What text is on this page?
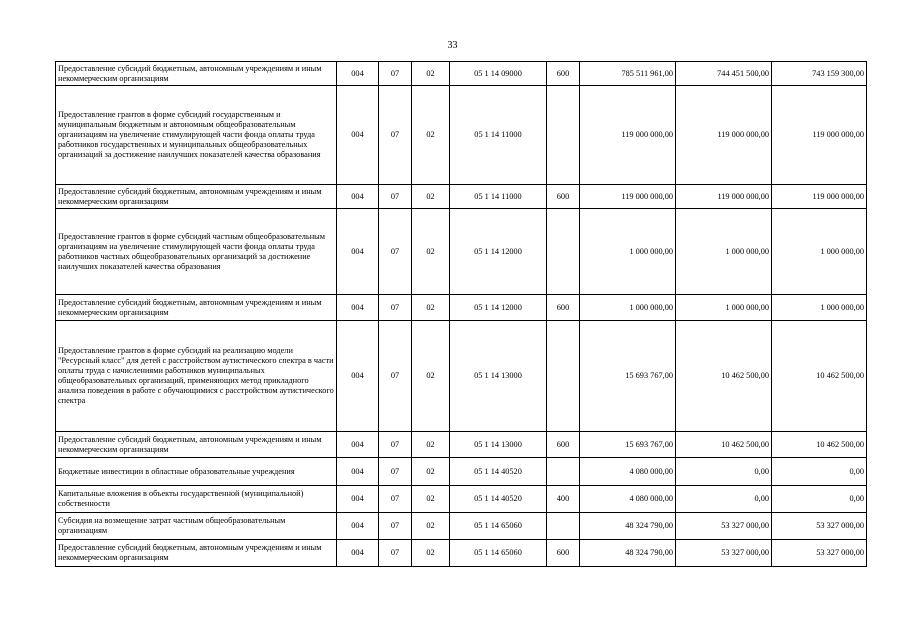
33
Предоставление субсидий бюджетным, автономным учреждениям и иным некоммерческим организациям	004	07	02	05 1 14 09000	600	785 511 961,00	744 451 500,00	743 159 300,00
Предоставление грантов в форме субсидий государственным и муниципальным бюджетным и автономным общеобразовательным организациям на увеличение стимулирующей части фонда оплаты труда работников государственных и муниципальных общеобразовательных организаций за достижение наилучших показателей качества образования	004	07	02	05 1 14 11000		119 000 000,00	119 000 000,00	119 000 000,00
Предоставление субсидий бюджетным, автономным учреждениям и иным некоммерческим организациям	004	07	02	05 1 14 11000	600	119 000 000,00	119 000 000,00	119 000 000,00
Предоставление грантов в форме субсидий частным общеобразовательным организациям на увеличение стимулирующей части фонда оплаты труда работников частных общеобразовательных организаций за достижение наилучших показателей качества образования	004	07	02	05 1 14 12000		1 000 000,00	1 000 000,00	1 000 000,00
Предоставление субсидий бюджетным, автономным учреждениям и иным некоммерческим организациям	004	07	02	05 1 14 12000	600	1 000 000,00	1 000 000,00	1 000 000,00
Предоставление грантов в форме субсидий на реализацию модели "Ресурсный класс" для детей с расстройством аутистического спектра в части оплаты труда с начислениями работников муниципальных общеобразовательных организаций, применяющих метод прикладного анализа поведения в работе с обучающимися с расстройством аутистического спектра	004	07	02	05 1 14 13000		15 693 767,00	10 462 500,00	10 462 500,00
Предоставление субсидий бюджетным, автономным учреждениям и иным некоммерческим организациям	004	07	02	05 1 14 13000	600	15 693 767,00	10 462 500,00	10 462 500,00
Бюджетные инвестиции в областные образовательные учреждения	004	07	02	05 1 14 40520		4 080 000,00	0,00	0,00
Капитальные вложения в объекты государственной (муниципальной) собственности	004	07	02	05 1 14 40520	400	4 080 000,00	0,00	0,00
Субсидия на возмещение затрат частным общеобразовательным организациям	004	07	02	05 1 14 65060		48 324 790,00	53 327 000,00	53 327 000,00
Предоставление субсидий бюджетным, автономным учреждениям и иным некоммерческим организациям	004	07	02	05 1 14 65060	600	48 324 790,00	53 327 000,00	53 327 000,00
